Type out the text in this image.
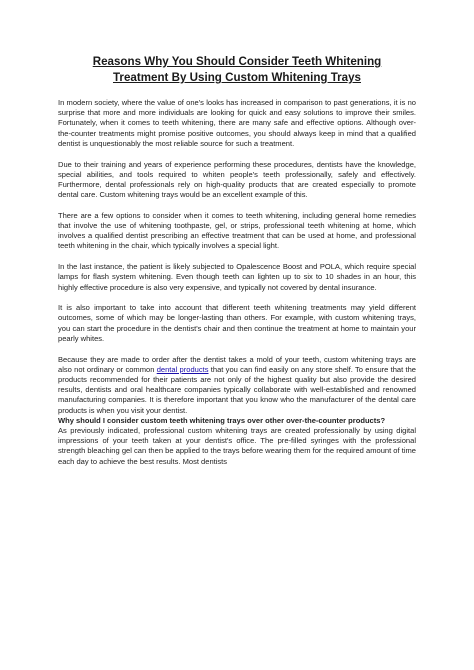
Reasons Why You Should Consider Teeth Whitening
Treatment By Using Custom Whitening Trays

In modern society, where the value of one's looks has increased in comparison to past generations, it is no surprise that more and more individuals are looking for quick and easy solutions to improve their smiles. Fortunately, when it comes to teeth whitening, there are many safe and effective options. Although over-the-counter treatments might promise positive outcomes, you should always keep in mind that a qualified dentist is unquestionably the most reliable source for such a treatment.

Due to their training and years of experience performing these procedures, dentists have the knowledge, special abilities, and tools required to whiten people's teeth professionally, safely and effectively. Furthermore, dental professionals rely on high-quality products that are created especially to promote dental care. Custom whitening trays would be an excellent example of this.

There are a few options to consider when it comes to teeth whitening, including general home remedies that involve the use of whitening toothpaste, gel, or strips, professional teeth whitening at home, which involves a qualified dentist prescribing an effective treatment that can be used at home, and professional teeth whitening in the chair, which typically involves a special light.

In the last instance, the patient is likely subjected to Opalescence Boost and POLA, which require special lamps for flash system whitening. Even though teeth can lighten up to six to 10 shades in an hour, this highly effective procedure is also very expensive, and typically not covered by dental insurance.

It is also important to take into account that different teeth whitening treatments may yield different outcomes, some of which may be longer-lasting than others. For example, with custom whitening trays, you can start the procedure in the dentist's chair and then continue the treatment at home to maintain your pearly whites.

Because they are made to order after the dentist takes a mold of your teeth, custom whitening trays are also not ordinary or common dental products that you can find easily on any store shelf. To ensure that the products recommended for their patients are not only of the highest quality but also provide the desired results, dentists and oral healthcare companies typically collaborate with well-established and renowned manufacturing companies. It is therefore important that you know who the manufacturer of the dental care products is when you visit your dentist.

Why should I consider custom teeth whitening trays over other over-the-counter products?

As previously indicated, professional custom whitening trays are created professionally by using digital impressions of your teeth taken at your dentist's office. The pre-filled syringes with the professional strength bleaching gel can then be applied to the trays before wearing them for the required amount of time each day to achieve the best results. Most dentists
